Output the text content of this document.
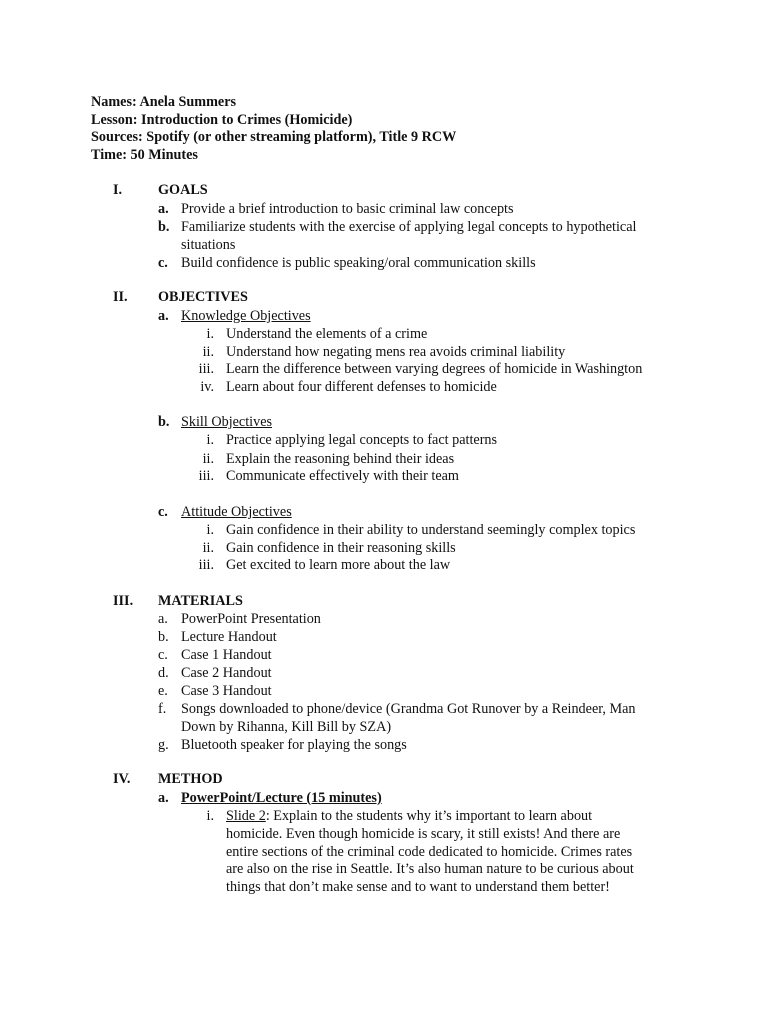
Names: Anela Summers
Lesson: Introduction to Crimes (Homicide)
Sources: Spotify (or other streaming platform), Title 9 RCW
Time: 50 Minutes
I.	GOALS
a. Provide a brief introduction to basic criminal law concepts
b. Familiarize students with the exercise of applying legal concepts to hypothetical
situations
c. Build confidence is public speaking/oral communication skills
II. OBJECTIVES
a. Knowledge Objectives
i. Understand the elements of a crime
ii. Understand how negating mens rea avoids criminal liability
iii. Learn the difference between varying degrees of homicide in Washington
iv. Learn about four different defenses to homicide
b. Skill Objectives
i. Practice applying legal concepts to fact patterns
ii. Explain the reasoning behind their ideas
iii. Communicate effectively with their team
c. Attitude Objectives
i. Gain confidence in their ability to understand seemingly complex topics
ii. Gain confidence in their reasoning skills
iii. Get excited to learn more about the law
III. MATERIALS
a. PowerPoint Presentation
b. Lecture Handout
c. Case 1 Handout
d. Case 2 Handout
e. Case 3 Handout
f. Songs downloaded to phone/device (Grandma Got Runover by a Reindeer, Man
Down by Rihanna, Kill Bill by SZA)
g. Bluetooth speaker for playing the songs
IV. METHOD
a. PowerPoint/Lecture (15 minutes)
i. Slide 2: Explain to the students why it’s important to learn about
homicide. Even though homicide is scary, it still exists! And there are
entire sections of the criminal code dedicated to homicide. Crimes rates
are also on the rise in Seattle. It’s also human nature to be curious about
things that don’t make sense and to want to understand them better!
